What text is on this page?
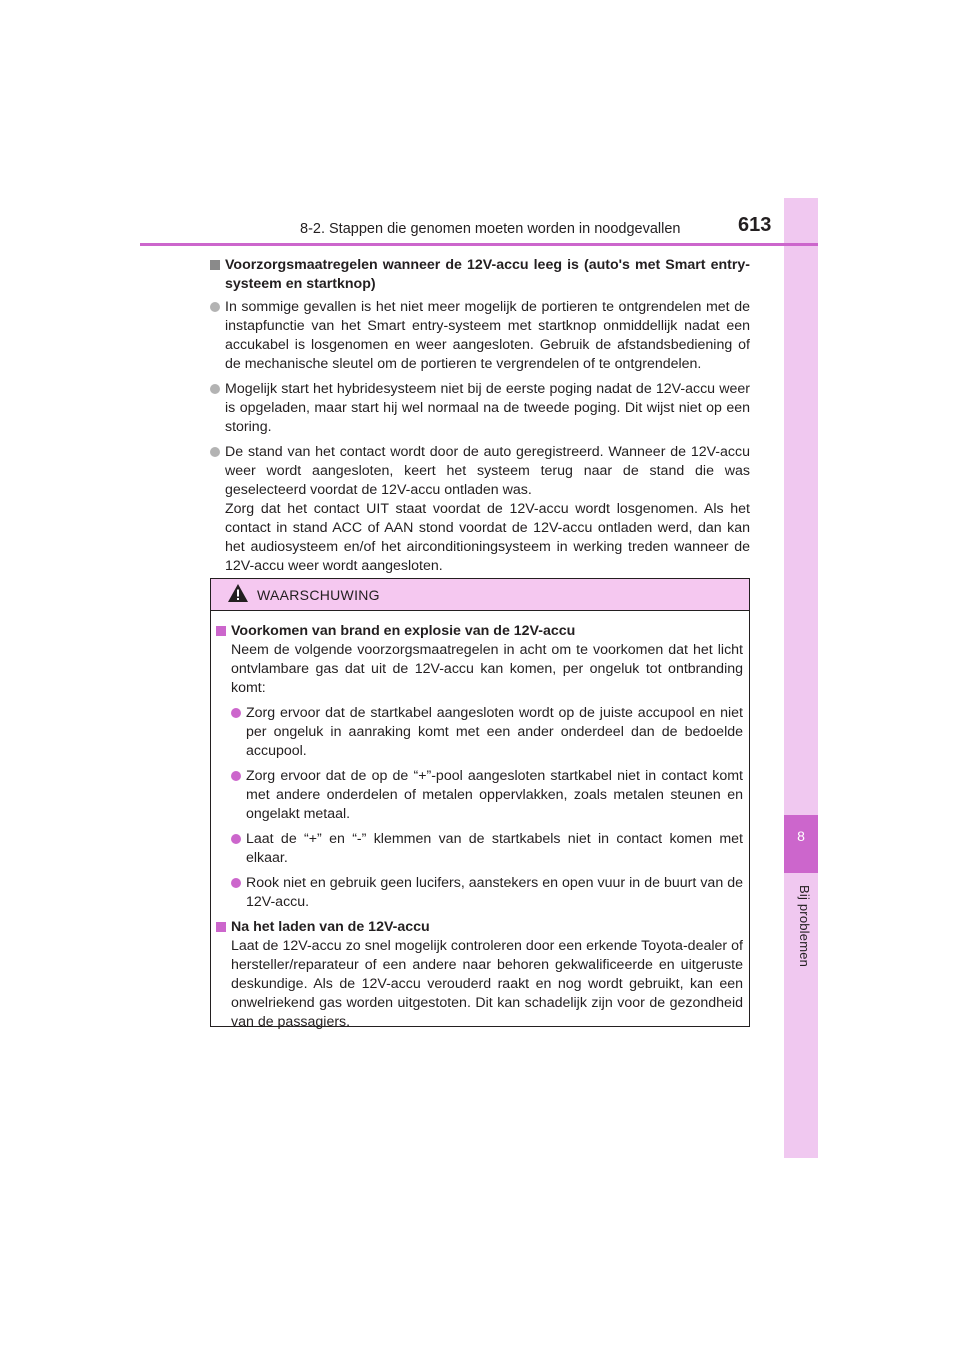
8
Bij problemen
8-2. Stappen die genomen moeten worden in noodgevallen	613
Voorzorgsmaatregelen wanneer de 12V-accu leeg is (auto's met Smart entry-systeem en startknop)
In sommige gevallen is het niet meer mogelijk de portieren te ontgrendelen met de instapfunctie van het Smart entry-systeem met startknop onmiddellijk nadat een accukabel is losgenomen en weer aangesloten. Gebruik de afstandsbediening of de mechanische sleutel om de portieren te vergrendelen of te ontgrendelen.
Mogelijk start het hybridesysteem niet bij de eerste poging nadat de 12V-accu weer is opgeladen, maar start hij wel normaal na de tweede poging. Dit wijst niet op een storing.
De stand van het contact wordt door de auto geregistreerd. Wanneer de 12V-accu weer wordt aangesloten, keert het systeem terug naar de stand die was geselecteerd voordat de 12V-accu ontladen was.
Zorg dat het contact UIT staat voordat de 12V-accu wordt losgenomen. Als het contact in stand ACC of AAN stond voordat de 12V-accu ontladen werd, dan kan het audiosysteem en/of het airconditioningsysteem in werking treden wanneer de 12V-accu weer wordt aangesloten.
WAARSCHUWING
Voorkomen van brand en explosie van de 12V-accu
Neem de volgende voorzorgsmaatregelen in acht om te voorkomen dat het licht ontvlambare gas dat uit de 12V-accu kan komen, per ongeluk tot ontbranding komt:
Zorg ervoor dat de startkabel aangesloten wordt op de juiste accupool en niet per ongeluk in aanraking komt met een ander onderdeel dan de bedoelde accupool.
Zorg ervoor dat de op de “+”-pool aangesloten startkabel niet in contact komt met andere onderdelen of metalen oppervlakken, zoals metalen steunen en ongelakt metaal.
Laat de “+” en “-” klemmen van de startkabels niet in contact komen met elkaar.
Rook niet en gebruik geen lucifers, aanstekers en open vuur in de buurt van de 12V-accu.
Na het laden van de 12V-accu
Laat de 12V-accu zo snel mogelijk controleren door een erkende Toyota-dealer of hersteller/reparateur of een andere naar behoren gekwalificeerde en uitgeruste deskundige. Als de 12V-accu verouderd raakt en nog wordt gebruikt, kan een onwelriekend gas worden uitgestoten. Dit kan schadelijk zijn voor de gezondheid van de passagiers.
